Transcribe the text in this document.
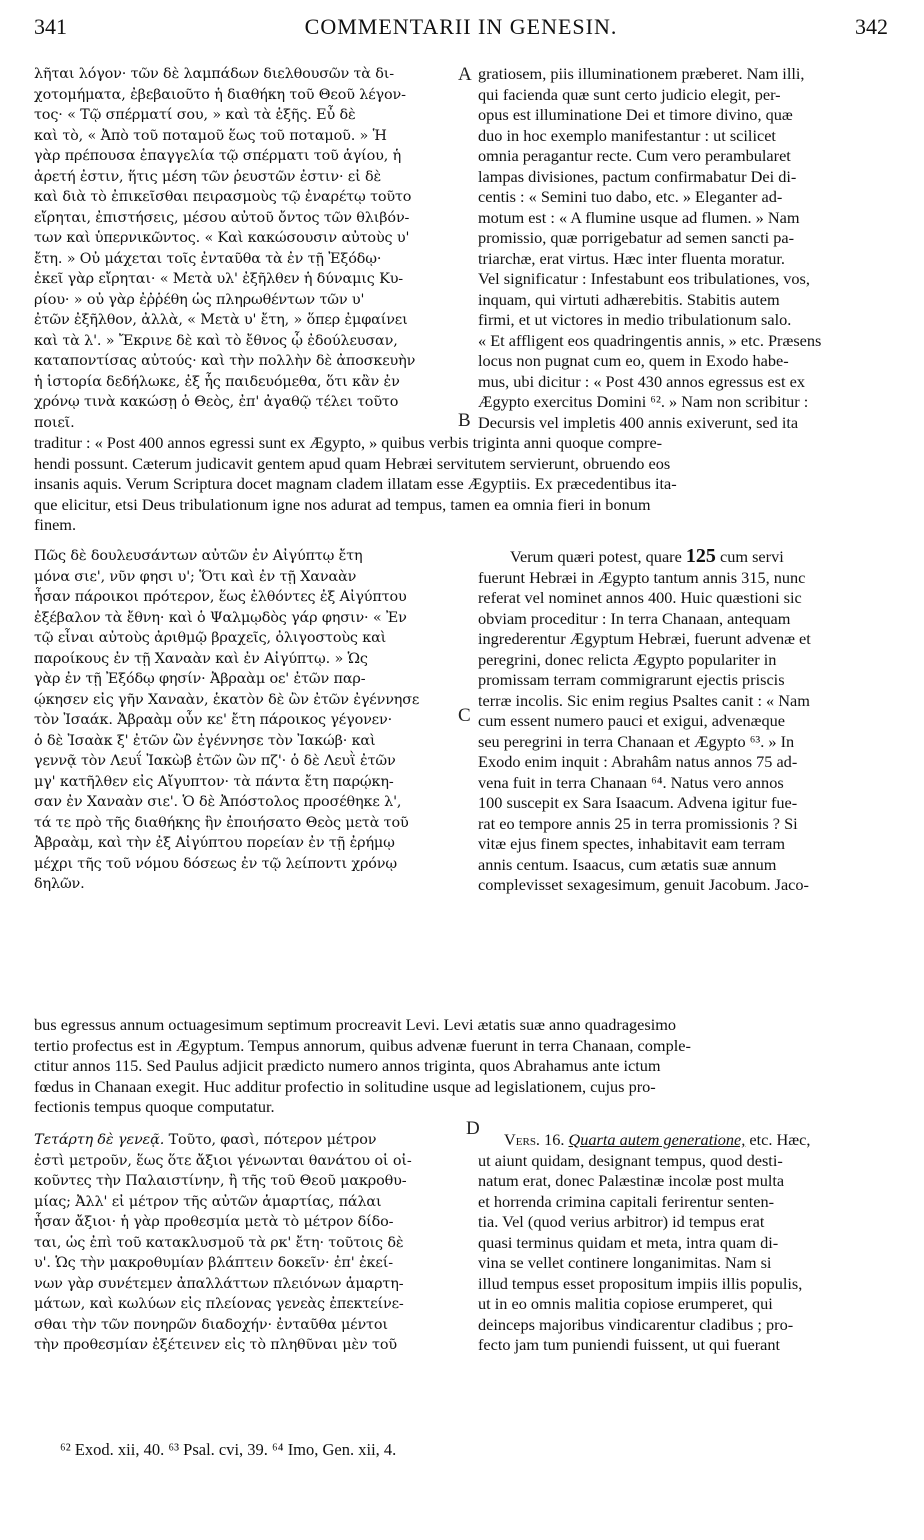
341	COMMENTARII IN GENESIN.	342

λῆται λόγον· τῶν δὲ λαμπάδων διελθουσῶν τὰ δι-

χοτομήματα, ἐβεβαιοῦτο ἡ διαθήκη τοῦ Θεοῦ λέγον-

τος· « Τῷ σπέρματί σου, » καὶ τὰ ἑξῆς. Εὖ δὲ

καὶ τὸ, « Ἀπὸ τοῦ ποταμοῦ ἕως τοῦ ποταμοῦ. » Ἡ

γὰρ πρέπουσα ἐπαγγελία τῷ σπέρματι τοῦ ἁγίου, ἡ

ἀρετή ἐστιν, ἥτις μέση τῶν ῥευστῶν ἐστιν· εἰ δὲ

καὶ διὰ τὸ ἐπικεῖσθαι πειρασμοὺς τῷ ἐναρέτῳ τοῦτο

εἴρηται, ἐπιστήσεις, μέσου αὐτοῦ ὄντος τῶν θλιβόν-

των καὶ ὑπερνικῶντος. « Καὶ κακώσουσιν αὐτοὺς υ'

ἔτη. » Οὐ μάχεται τοῖς ἐνταῦθα τὰ ἐν τῇ Ἐξόδῳ·

ἐκεῖ γὰρ εἴρηται· « Μετὰ υλ' ἐξῆλθεν ἡ δύναμις Κυ-

ρίου· » οὐ γὰρ ἐῤῥέθη ὡς πληρωθέντων τῶν υ'

ἐτῶν ἐξῆλθον, ἀλλὰ, « Μετὰ υ' ἔτη, » ὅπερ ἐμφαίνει

καὶ τὰ λ'. » Ἔκρινε δὲ καὶ τὸ ἔθνος ᾧ ἐδούλευσαν,

καταποντίσας αὐτούς· καὶ τὴν πολλὴν δὲ ἀποσκευὴν

ἡ ἱστορία δεδήλωκε, ἐξ ἧς παιδευόμεθα, ὅτι κἂν ἐν

χρόνῳ τινὰ κακώσῃ ὁ Θεὸς, ἐπ' ἀγαθῷ τέλει τοῦτο

ποιεῖ.

gratiosem, piis illuminationem præberet. Nam illi,

qui facienda quæ sunt certo judicio elegit, per-

opus est illuminatione Dei et timore divino, quæ

duo in hoc exemplo manifestantur : ut scilicet

omnia peragantur recte. Cum vero perambularet

lampas divisiones, pactum confirmabatur Dei di-

centis : « Semini tuo dabo, etc. » Eleganter ad-

motum est : « A flumine usque ad flumen. » Nam

promissio, quæ porrigebatur ad semen sancti pa-

triarchæ, erat virtus. Hæc inter fluenta moratur.

Vel significatur : Infestabunt eos tribulationes, vos,

inquam, qui virtuti adhærebitis. Stabitis autem

firmi, et ut victores in medio tribulationum salo.

« Et affligent eos quadringentis annis, » etc. Præsens

locus non pugnat cum eo, quem in Exodo habe-

mus, ubi dicitur : « Post 430 annos egressus est ex

Ægypto exercitus Domini ⁶². » Nam non scribitur :

Decursis vel impletis 400 annis exiverunt, sed ita

traditur : « Post 400 annos egressi sunt ex Ægypto, » quibus verbis triginta anni quoque compre-

hendi possunt. Cæterum judicavit gentem apud quam Hebræi servitutem servierunt, obruendo eos

insanis aquis. Verum Scriptura docet magnam cladem illatam esse Ægyptiis. Ex præcedentibus ita-

que elicitur, etsi Deus tribulationum igne nos adurat ad tempus, tamen ea omnia fieri in bonum

finem.

Πῶς δὲ δουλευσάντων αὐτῶν ἐν Αἰγύπτῳ ἔτη

μόνα σιε', νῦν φησι υ'; Ὅτι καὶ ἐν τῇ Χαναὰν

ἦσαν πάροικοι πρότερον, ἕως ἐλθόντες ἐξ Αἰγύπτου

ἐξέβαλον τὰ ἔθνη· καὶ ὁ Ψαλμῳδὸς γάρ φησιν· « Ἐν

τῷ εἶναι αὐτοὺς ἀριθμῷ βραχεῖς, ὀλιγοστοὺς καὶ

παροίκους ἐν τῇ Χαναὰν καὶ ἐν Αἰγύπτῳ. » Ὡς

γὰρ ἐν τῇ Ἐξόδῳ φησίν· Ἀβραὰμ οε' ἐτῶν παρ-

ῴκησεν εἰς γῆν Χαναὰν, ἑκατὸν δὲ ὢν ἐτῶν ἐγέννησε

τὸν Ἰσαάκ. Ἀβραὰμ οὖν κε' ἔτη πάροικος γέγονεν·

ὁ δὲ Ἰσαὰκ ξ' ἐτῶν ὢν ἐγέννησε τὸν Ἰακώβ· καὶ

γεννᾷ τὸν Λευΐ Ἰακὼβ ἐτῶν ὢν πζ'· ὁ δὲ Λευῒ ἐτῶν

μγ' κατῆλθεν εἰς Αἴγυπτον· τὰ πάντα ἔτη παρῴκη-

σαν ἐν Χαναὰν σιε'. Ὁ δὲ Ἀπόστολος προσέθηκε λ',

τά τε πρὸ τῆς διαθήκης ἣν ἐποιήσατο Θεὸς μετὰ τοῦ

Ἀβραὰμ, καὶ τὴν ἐξ Αἰγύπτου πορείαν ἐν τῇ ἐρήμῳ

μέχρι τῆς τοῦ νόμου δόσεως ἐν τῷ λείποντι χρόνῳ

δηλῶν.

Verum quæri potest, quare 125 cum servi

fuerunt Hebræi in Ægypto tantum annis 315, nunc

referat vel nominet annos 400. Huic quæstioni sic

obviam proceditur : In terra Chanaan, antequam

ingrederentur Ægyptum Hebræi, fuerunt advenæ et

peregrini, donec relicta Ægypto populariter in

promissam terram commigrarunt ejectis priscis

terræ incolis. Sic enim regius Psaltes canit : « Nam

cum essent numero pauci et exigui, advenæque

seu peregrini in terra Chanaan et Ægypto ⁶³. » In

Exodo enim inquit : Abrahâm natus annos 75 ad-

vena fuit in terra Chanaan ⁶⁴. Natus vero annos

100 suscepit ex Sara Isaacum. Advena igitur fue-

rat eo tempore annis 25 in terra promissionis ? Si

vitæ ejus finem spectes, inhabitavit eam terram

annis centum. Isaacus, cum ætatis suæ annum

complevisset sexagesimum, genuit Jacobum. Jaco-

bus egressus annum octuagesimum septimum procreavit Levi. Levi ætatis suæ anno quadragesimo

tertio profectus est in Ægyptum. Tempus annorum, quibus advenæ fuerunt in terra Chanaan, comple-

ctitur annos 115. Sed Paulus adjicit prædicto numero annos triginta, quos Abrahamus ante ictum

fœdus in Chanaan exegit. Huc additur profectio in solitudine usque ad legislationem, cujus pro-

fectionis tempus quoque computatur.

Τετάρτη δὲ γενεᾷ. Τοῦτο, φασὶ, πότερον μέτρον

ἐστὶ μετροῦν, ἕως ὅτε ἄξιοι γένωνται θανάτου οἱ οἰ-

κοῦντες τὴν Παλαιστίνην, ἢ τῆς τοῦ Θεοῦ μακροθυ-

μίας; Ἀλλ' εἰ μέτρον τῆς αὐτῶν ἁμαρτίας, πάλαι

ἦσαν ἄξιοι· ἡ γὰρ προθεσμία μετὰ τὸ μέτρον δίδο-

ται, ὡς ἐπὶ τοῦ κατακλυσμοῦ τὰ ρκ' ἔτη· τοῦτοις δὲ

υ'. Ὡς τὴν μακροθυμίαν βλάπτειν δοκεῖν· ἐπ' ἐκεί-

νων γὰρ συνέτεμεν ἀπαλλάττων πλειόνων ἁμαρτη-

μάτων, καὶ κωλύων εἰς πλείονας γενεὰς ἐπεκτείνε-

σθαι τὴν τῶν πονηρῶν διαδοχήν· ἐνταῦθα μέντοι

τὴν προθεσμίαν ἐξέτεινεν εἰς τὸ πληθῦναι μὲν τοῦ

Vers. 16. Quarta autem generatione, etc. Hæc,

ut aiunt quidam, designant tempus, quod desti-

natum erat, donec Palæstinæ incolæ post multa

et horrenda crimina capitali ferirentur senten-

tia. Vel (quod verius arbitror) id tempus erat

quasi terminus quidam et meta, intra quam di-

vina se vellet continere longanimitas. Nam si

illud tempus esset propositum impiis illis populis,

ut in eo omnis malitia copiose erumperet, qui

deinceps majoribus vindicarentur cladibus ; pro-

fecto jam tum puniendi fuissent, ut qui fuerant

A
B
C
D
⁶² Exod. xii, 40. ⁶³ Psal. cvi, 39. ⁶⁴ Imo, Gen. xii, 4.
